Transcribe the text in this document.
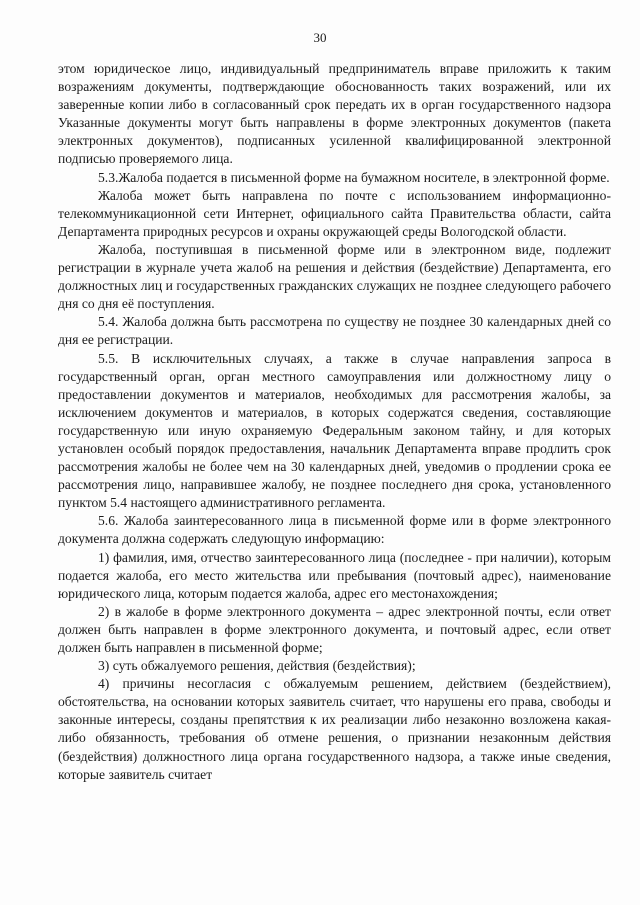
30

этом юридическое лицо, индивидуальный предприниматель вправе приложить к таким возражениям документы, подтверждающие обоснованность таких возражений, или их заверенные копии либо в согласованный срок передать их в орган государственного надзора Указанные документы могут быть направлены в форме электронных документов (пакета электронных документов), подписанных усиленной квалифицированной электронной подписью проверяемого лица.

5.3.Жалоба подается в письменной форме на бумажном носителе, в электронной форме.

Жалоба может быть направлена по почте с использованием информационно-телекоммуникационной сети Интернет, официального сайта Правительства области, сайта Департамента природных ресурсов и охраны окружающей среды Вологодской области.

Жалоба, поступившая в письменной форме или в электронном виде, подлежит регистрации в журнале учета жалоб на решения и действия (бездействие) Департамента, его должностных лиц и государственных гражданских служащих не позднее следующего рабочего дня со дня её поступления.

5.4. Жалоба должна быть рассмотрена по существу не позднее 30 календарных дней со дня ее регистрации.

5.5. В исключительных случаях, а также в случае направления запроса в государственный орган, орган местного самоуправления или должностному лицу о предоставлении документов и материалов, необходимых для рассмотрения жалобы, за исключением документов и материалов, в которых содержатся сведения, составляющие государственную или иную охраняемую Федеральным законом тайну, и для которых установлен особый порядок предоставления, начальник Департамента вправе продлить срок рассмотрения жалобы не более чем на 30 календарных дней, уведомив о продлении срока ее рассмотрения лицо, направившее жалобу, не позднее последнего дня срока, установленного пунктом 5.4 настоящего административного регламента.

5.6. Жалоба заинтересованного лица в письменной форме или в форме электронного документа должна содержать следующую информацию:

1) фамилия, имя, отчество заинтересованного лица (последнее - при наличии), которым подается жалоба, его место жительства или пребывания (почтовый адрес), наименование юридического лица, которым подается жалоба, адрес его местонахождения;

2) в жалобе в форме электронного документа – адрес электронной почты, если ответ должен быть направлен в форме электронного документа, и почтовый адрес, если ответ должен быть направлен в письменной форме;

3) суть обжалуемого решения, действия (бездействия);

4) причины несогласия с обжалуемым решением, действием (бездействием), обстоятельства, на основании которых заявитель считает, что нарушены его права, свободы и законные интересы, созданы препятствия к их реализации либо незаконно возложена какая-либо обязанность, требования об отмене решения, о признании незаконным действия (бездействия) должностного лица органа государственного надзора, а также иные сведения, которые заявитель считает
